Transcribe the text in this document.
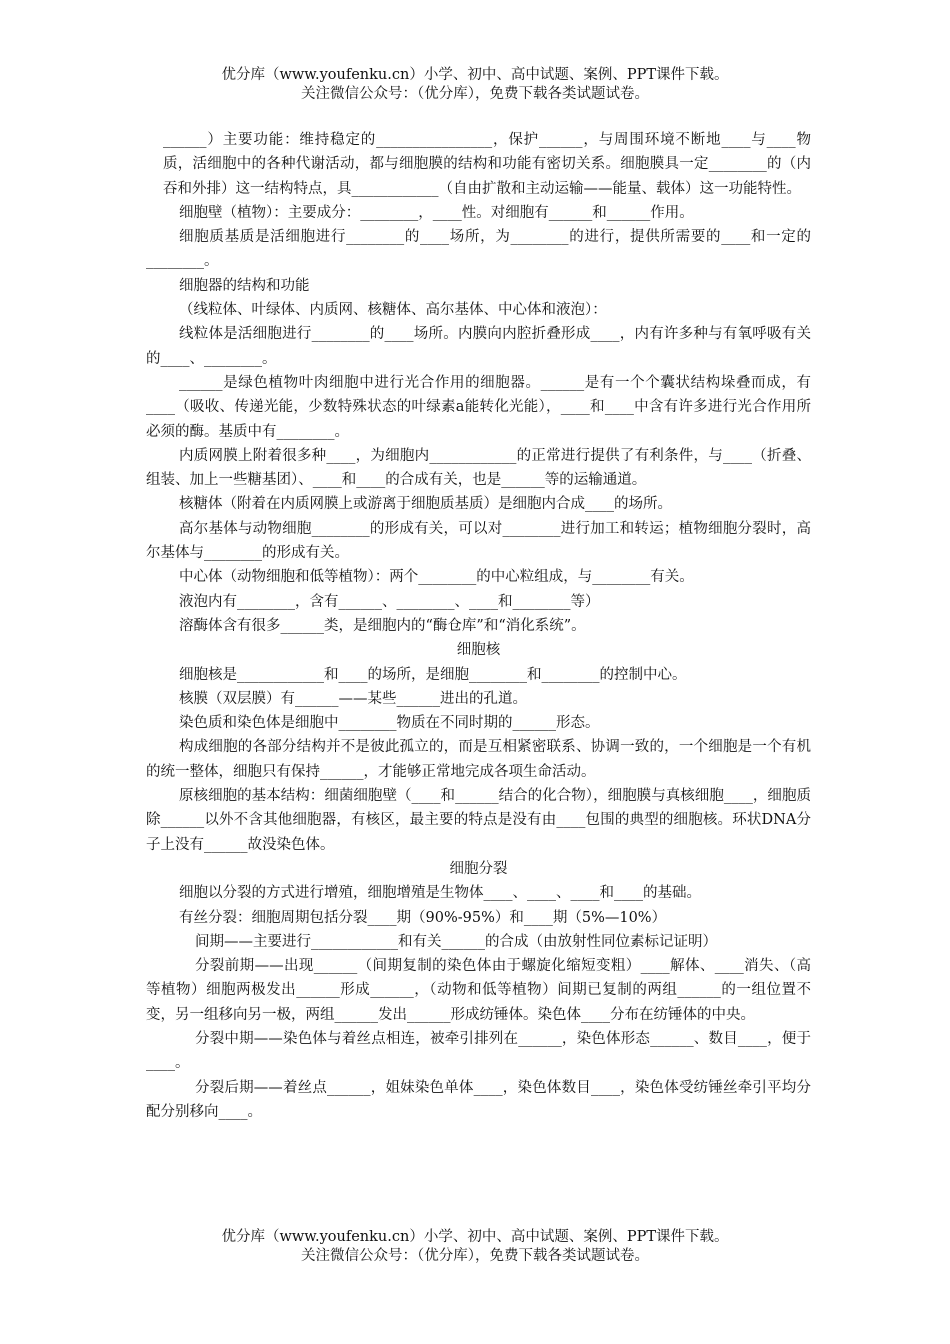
优分库（www.youfenku.cn）小学、初中、高中试题、案例、PPT课件下载。
关注微信公众号：（优分库），免费下载各类试题试卷。

______）主要功能：维持稳定的________________，保护______，与周围环境不断地____与____物质，活细胞中的各种代谢活动，都与细胞膜的结构和功能有密切关系。细胞膜具一定________的（内吞和外排）这一结构特点，具____________（自由扩散和主动运输——能量、载体）这一功能特性。

细胞壁（植物）：主要成分：________，____性。对细胞有______和______作用。

细胞质基质是活细胞进行________的____场所，为________的进行，提供所需要的____和一定的________。

细胞器的结构和功能

（线粒体、叶绿体、内质网、核糖体、高尔基体、中心体和液泡）：

线粒体是活细胞进行________的____场所。内膜向内腔折叠形成____，内有许多种与有氧呼吸有关的____、________。

______是绿色植物叶肉细胞中进行光合作用的细胞器。______是有一个个囊状结构垛叠而成，有____（吸收、传递光能，少数特殊状态的叶绿素a能转化光能），____和____中含有许多进行光合作用所必须的酶。基质中有________。

内质网膜上附着很多种____，为细胞内____________的正常进行提供了有利条件，与____（折叠、组装、加上一些糖基团）、____和____的合成有关，也是______等的运输通道。

核糖体（附着在内质网膜上或游离于细胞质基质）是细胞内合成____的场所。

高尔基体与动物细胞________的形成有关，可以对________进行加工和转运；植物细胞分裂时，高尔基体与________的形成有关。

中心体（动物细胞和低等植物）：两个________的中心粒组成，与________有关。

液泡内有________，含有______、________、____和________等）

溶酶体含有很多______类，是细胞内的“酶仓库”和“消化系统”。

细胞核

细胞核是____________和____的场所，是细胞________和________的控制中心。

核膜（双层膜）有______——某些______进出的孔道。

染色质和染色体是细胞中________物质在不同时期的______形态。

构成细胞的各部分结构并不是彼此孤立的，而是互相紧密联系、协调一致的，一个细胞是一个有机的统一整体，细胞只有保持______，才能够正常地完成各项生命活动。

原核细胞的基本结构：细菌细胞壁（____和______结合的化合物），细胞膜与真核细胞____，细胞质除______以外不含其他细胞器，有核区，最主要的特点是没有由____包围的典型的细胞核。环状DNA分子上没有______故没染色体。

细胞分裂

细胞以分裂的方式进行增殖，细胞增殖是生物体____、____、____和____的基础。

有丝分裂：细胞周期包括分裂____期（90%-95%）和____期（5%—10%）

间期——主要进行____________和有关______的合成（由放射性同位素标记证明）

分裂前期——出现______（间期复制的染色体由于螺旋化缩短变粗）____解体、____消失、（高等植物）细胞两极发出______形成______，（动物和低等植物）间期已复制的两组______的一组位置不变，另一组移向另一极，两组______发出______形成纺锤体。染色体____分布在纺锤体的中央。

分裂中期——染色体与着丝点相连，被牵引排列在______，染色体形态______、数目____，便于____。

分裂后期——着丝点______，姐妹染色单体____，染色体数目____，染色体受纺锤丝牵引平均分配分别移向____。

优分库（www.youfenku.cn）小学、初中、高中试题、案例、PPT课件下载。
关注微信公众号：（优分库），免费下载各类试题试卷。
